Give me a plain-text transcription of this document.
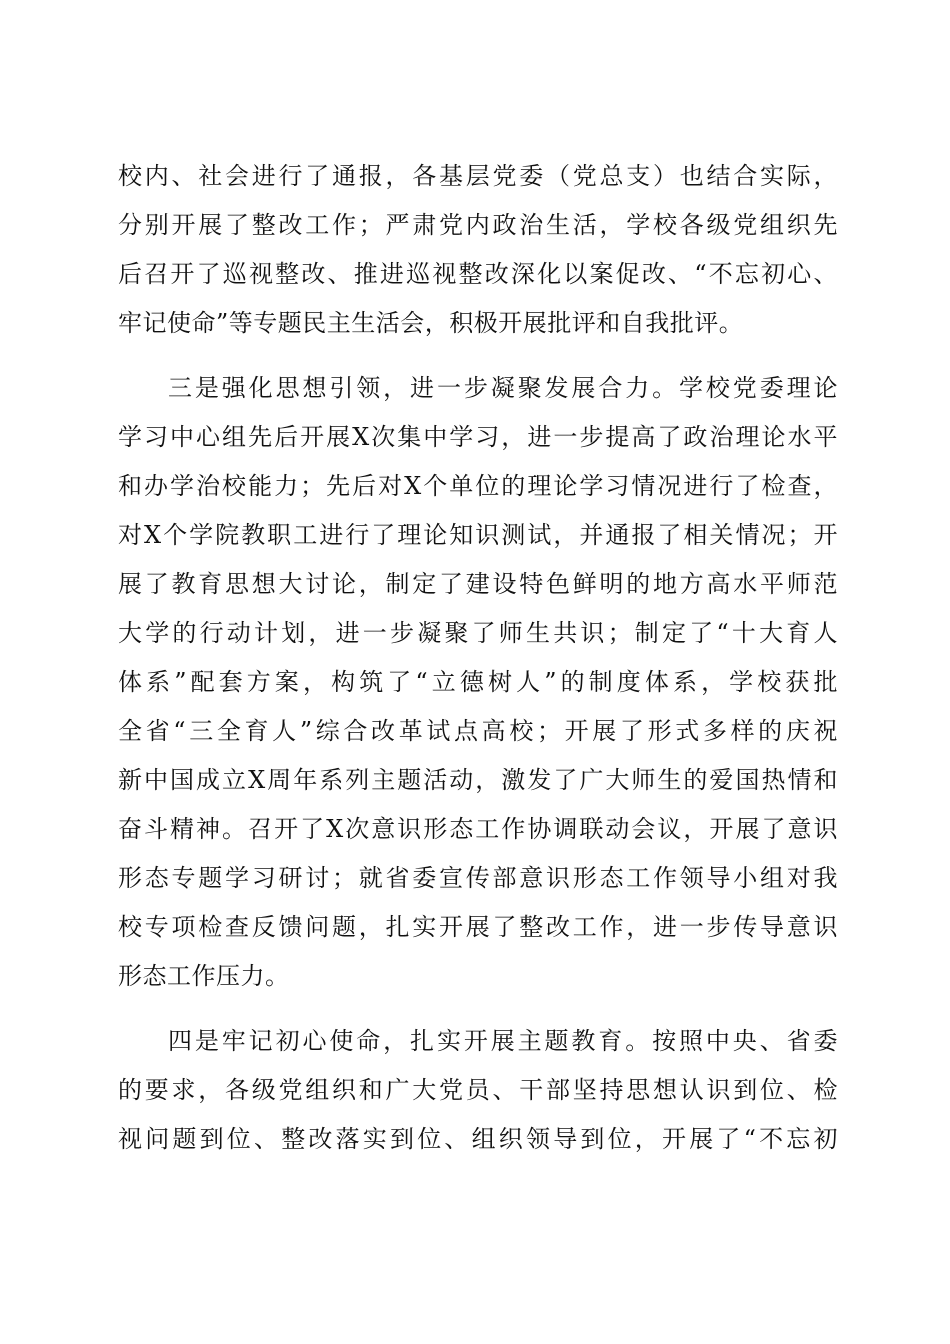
校内、社会进行了通报，各基层党委（党总支）也结合实际，
分别开展了整改工作；严肃党内政治生活，学校各级党组织先
后召开了巡视整改、推进巡视整改深化以案促改、“不忘初心、
牢记使命”等专题民主生活会，积极开展批评和自我批评。
三是强化思想引领，进一步凝聚发展合力。学校党委理论
学习中心组先后开展X次集中学习，进一步提高了政治理论水平
和办学治校能力；先后对X个单位的理论学习情况进行了检查，
对X个学院教职工进行了理论知识测试，并通报了相关情况；开
展了教育思想大讨论，制定了建设特色鲜明的地方高水平师范
大学的行动计划，进一步凝聚了师生共识；制定了“十大育人
体系”配套方案，构筑了“立德树人”的制度体系，学校获批
全省“三全育人”综合改革试点高校；开展了形式多样的庆祝
新中国成立X周年系列主题活动，激发了广大师生的爱国热情和
奋斗精神。召开了X次意识形态工作协调联动会议，开展了意识
形态专题学习研讨；就省委宣传部意识形态工作领导小组对我
校专项检查反馈问题，扎实开展了整改工作，进一步传导意识
形态工作压力。
四是牢记初心使命，扎实开展主题教育。按照中央、省委
的要求，各级党组织和广大党员、干部坚持思想认识到位、检
视问题到位、整改落实到位、组织领导到位，开展了“不忘初
